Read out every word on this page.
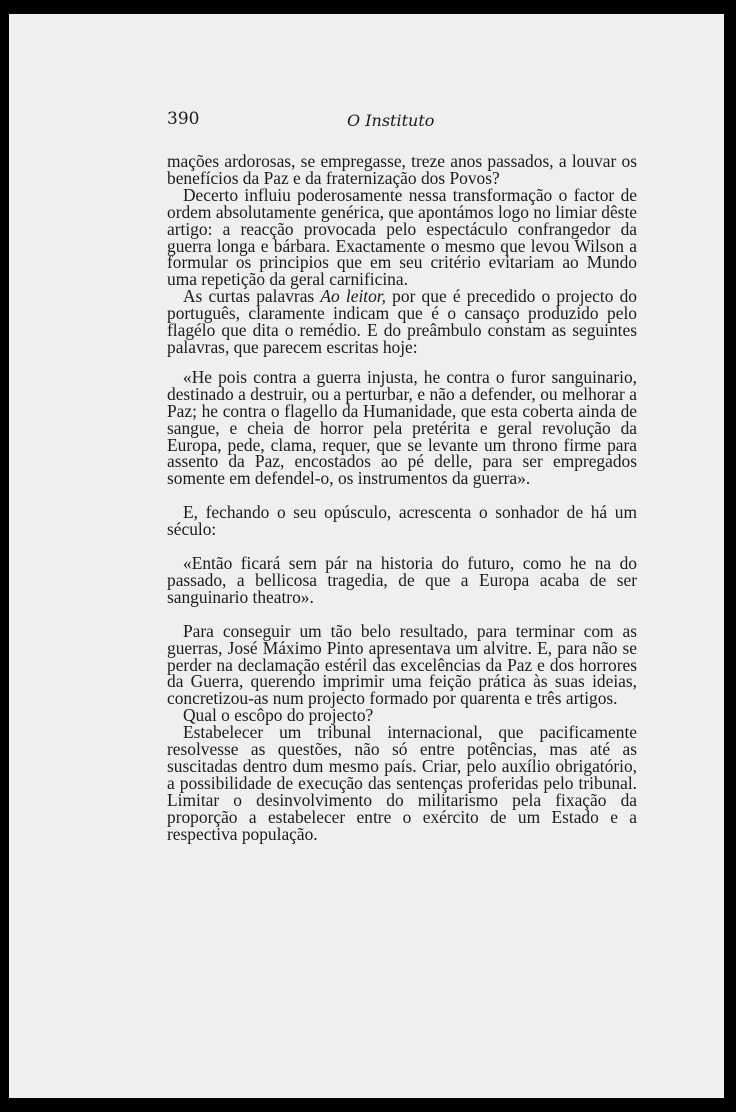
390	O Instituto

mações ardorosas, se empregasse, treze anos passados, a louvar os benefícios da Paz e da fraternização dos Povos?

Decerto influiu poderosamente nessa transformação o factor de ordem absolutamente genérica, que apontámos logo no limiar dêste artigo: a reacção provocada pelo espectáculo confrangedor da guerra longa e bárbara. Exactamente o mesmo que levou Wilson a formular os principios que em seu critério evitariam ao Mundo uma repetição da geral carnificina.

As curtas palavras Ao leitor, por que é precedido o projecto do português, claramente indicam que é o cansaço produzido pelo flagélo que dita o remédio. E do preâmbulo constam as seguintes palavras, que parecem escritas hoje:

«He pois contra a guerra injusta, he contra o furor sanguinario, destinado a destruir, ou a perturbar, e não a defender, ou melhorar a Paz; he contra o flagello da Humanidade, que esta coberta ainda de sangue, e cheia de horror pela pretérita e geral revolução da Europa, pede, clama, requer, que se levante um throno firme para assento da Paz, encostados ao pé delle, para ser empregados somente em defendel-o, os instrumentos da guerra».

E, fechando o seu opúsculo, acrescenta o sonhador de há um século:

«Então ficará sem pár na historia do futuro, como he na do passado, a bellicosa tragedia, de que a Europa acaba de ser sanguinario theatro».

Para conseguir um tão belo resultado, para terminar com as guerras, José Máximo Pinto apresentava um alvitre. E, para não se perder na declamação estéril das excelências da Paz e dos horrores da Guerra, querendo imprimir uma feição prática às suas ideias, concretizou-as num projecto formado por quarenta e três artigos.

Qual o escôpo do projecto?

Estabelecer um tribunal internacional, que pacificamente resolvesse as questões, não só entre potências, mas até as suscitadas dentro dum mesmo país. Criar, pelo auxílio obrigatório, a possibilidade de execução das sentenças proferidas pelo tribunal. Limitar o desinvolvimento do militarismo pela fixação da proporção a estabelecer entre o exército de um Estado e a respectiva população.
